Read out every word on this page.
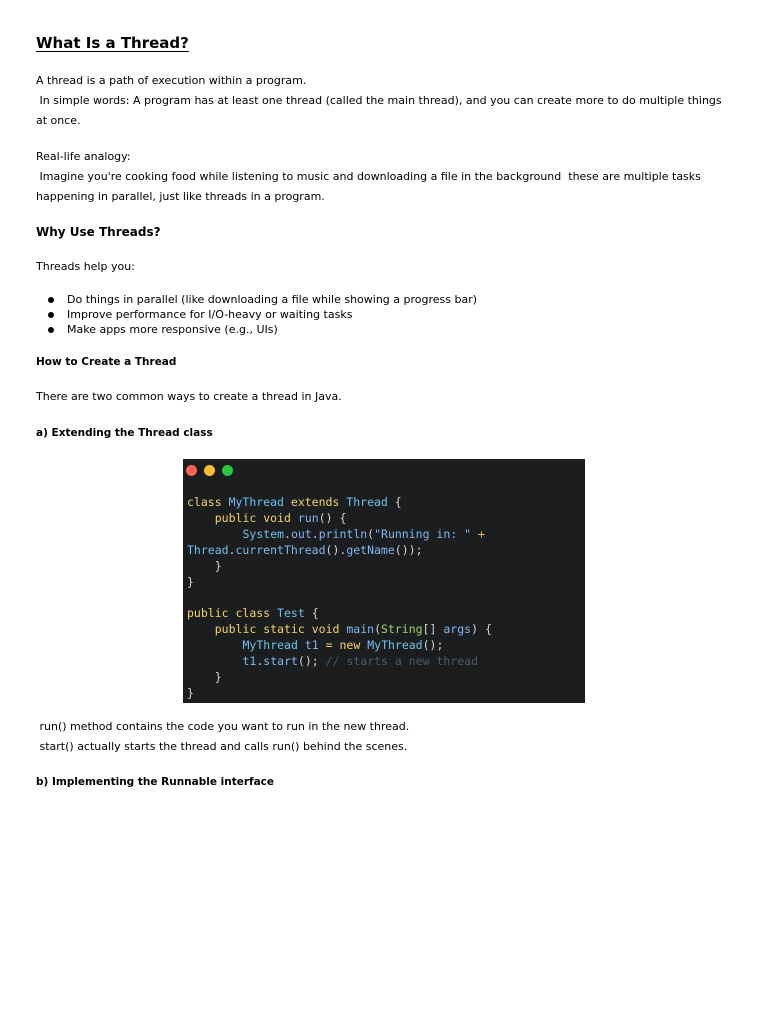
What Is a Thread?

A thread is a path of execution within a program.
In simple words: A program has at least one thread (called the main thread), and you can create more to do multiple things
at once.

Real-life analogy:
Imagine you're cooking food while listening to music and downloading a file in the background  these are multiple tasks
happening in parallel, just like threads in a program.

Why Use Threads?

Threads help you:

Do things in parallel (like downloading a file while showing a progress bar)
Improve performance for I/O-heavy or waiting tasks
Make apps more responsive (e.g., UIs)
How to Create a Thread

There are two common ways to create a thread in Java.

a) Extending the Thread class
class MyThread extends Thread {
public void run() {
System.out.println("Running in: " +
Thread.currentThread().getName());
}
}

public class Test {
public static void main(String[] args) {
MyThread t1 = new MyThread();
t1.start(); // starts a new thread
}
}

run() method contains the code you want to run in the new thread.
start() actually starts the thread and calls run() behind the scenes.

b) Implementing the Runnable interface
